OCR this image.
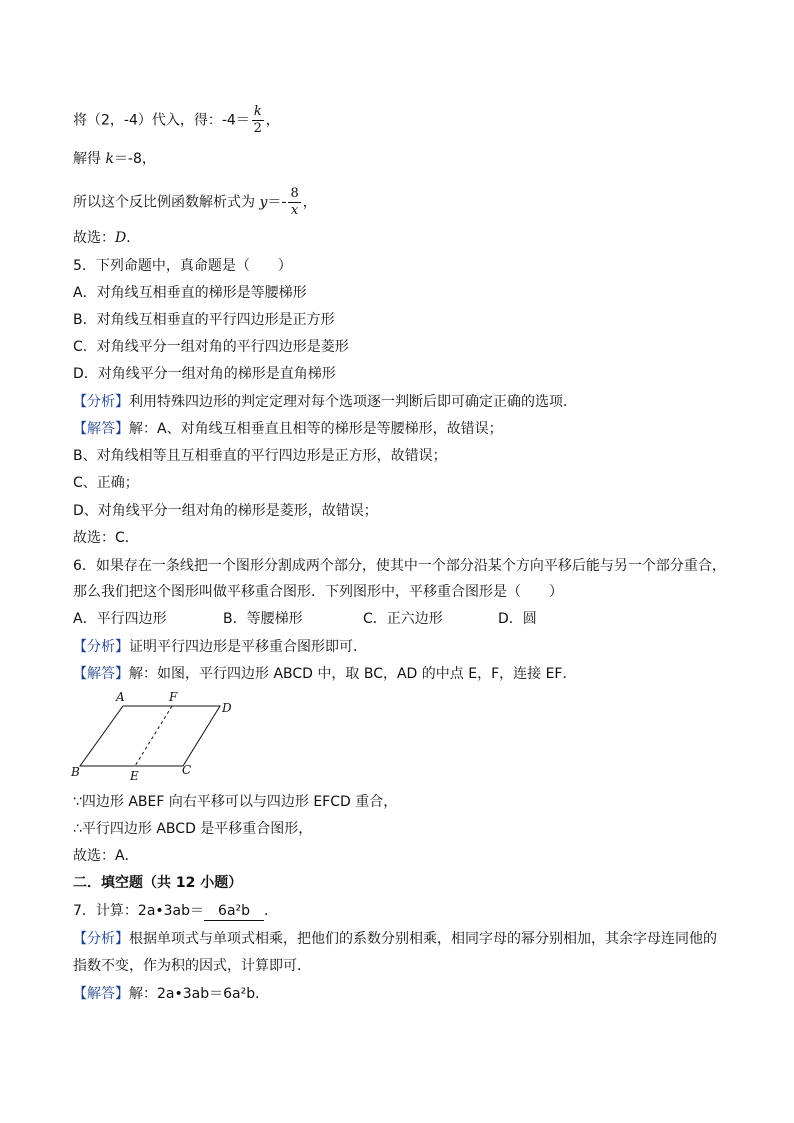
将（2，-4）代入，得：$-4= \frac{k}{2}$ ，
解得 k＝-8，
所以这个反比例函数解析式为 $y=- \frac{8}{x}$ ，
故选：D．
5．下列命题中，真命题是（　　）
A．对角线互相垂直的梯形是等腰梯形
B．对角线互相垂直的平行四边形是正方形
C．对角线平分一组对角的平行四边形是菱形
D．对角线平分一组对角的梯形是直角梯形
【分析】利用特殊四边形的判定定理对每个选项逐一判断后即可确定正确的选项．
【解答】解：A、对角线互相垂直且相等的梯形是等腰梯形，故错误；
B、对角线相等且互相垂直的平行四边形是正方形，故错误；
C、正确；
D、对角线平分一组对角的梯形是菱形，故错误；
故选：C．
6．如果存在一条线把一个图形分割成两个部分，使其中一个部分沿某个方向平移后能与另一个部分重合，
那么我们把这个图形叫做平移重合图形．下列图形中，平移重合图形是（　　）
A．平行四边形	B．等腰梯形	C．正六边形	D．圆
【分析】证明平行四边形是平移重合图形即可．
【解答】解：如图，平行四边形 ABCD 中，取 BC，AD 的中点 E，F，连接 EF．
A	F
D
B	E	C
∵四边形 ABEF 向右平移可以与四边形 EFCD 重合，
∴平行四边形 ABCD 是平移重合图形，
故选：A．
二．填空题（共 12 小题）
7．计算：2a•3ab＝ 6a²b ．
【分析】根据单项式与单项式相乘，把他们的系数分别相乘，相同字母的幂分别相加，其余字母连同他的
指数不变，作为积的因式，计算即可．
【解答】解：2a•3ab＝6a²b．
